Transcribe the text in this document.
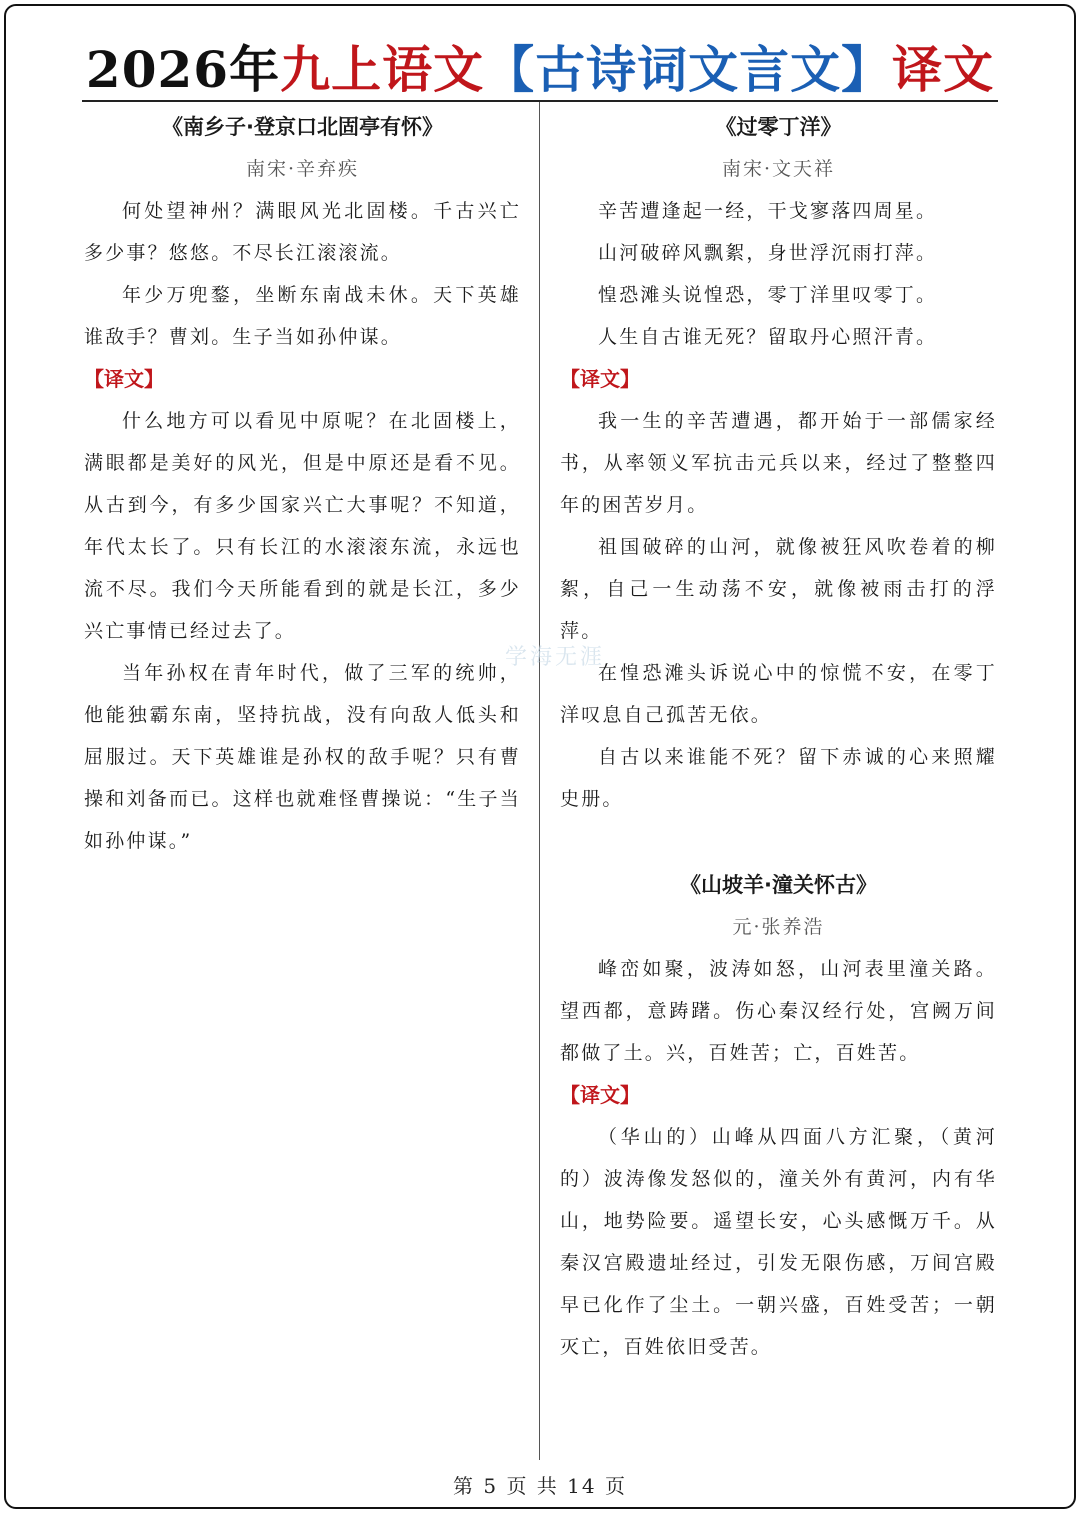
2026年九上语文【古诗词文言文】译文
《南乡子·登京口北固亭有怀》
南宋·辛弃疾

何处望神州？满眼风光北固楼。千古兴亡多少事？悠悠。不尽长江滚滚流。

年少万兜鍪，坐断东南战未休。天下英雄谁敌手？曹刘。生子当如孙仲谋。

【译文】

什么地方可以看见中原呢？在北固楼上，满眼都是美好的风光，但是中原还是看不见。从古到今，有多少国家兴亡大事呢？不知道，年代太长了。只有长江的水滚滚东流，永远也流不尽。我们今天所能看到的就是长江，多少兴亡事情已经过去了。

当年孙权在青年时代，做了三军的统帅，他能独霸东南，坚持抗战，没有向敌人低头和屈服过。天下英雄谁是孙权的敌手呢？只有曹操和刘备而已。这样也就难怪曹操说：“生子当如孙仲谋。”

《过零丁洋》
南宋·文天祥

辛苦遭逢起一经，干戈寥落四周星。

山河破碎风飘絮，身世浮沉雨打萍。

惶恐滩头说惶恐，零丁洋里叹零丁。

人生自古谁无死？留取丹心照汗青。

【译文】

我一生的辛苦遭遇，都开始于一部儒家经书，从率领义军抗击元兵以来，经过了整整四年的困苦岁月。

祖国破碎的山河，就像被狂风吹卷着的柳絮，自己一生动荡不安，就像被雨击打的浮萍。

在惶恐滩头诉说心中的惊慌不安，在零丁洋叹息自己孤苦无依。

自古以来谁能不死？留下赤诚的心来照耀史册。

《山坡羊·潼关怀古》
元·张养浩

峰峦如聚，波涛如怒，山河表里潼关路。望西都，意踌躇。伤心秦汉经行处，宫阙万间都做了土。兴，百姓苦；亡，百姓苦。

【译文】

（华山的）山峰从四面八方汇聚，（黄河的）波涛像发怒似的，潼关外有黄河，内有华山，地势险要。遥望长安，心头感慨万千。从秦汉宫殿遗址经过，引发无限伤感，万间宫殿早已化作了尘土。一朝兴盛，百姓受苦；一朝灭亡，百姓依旧受苦。

学海无涯
第 5 页 共 14 页
